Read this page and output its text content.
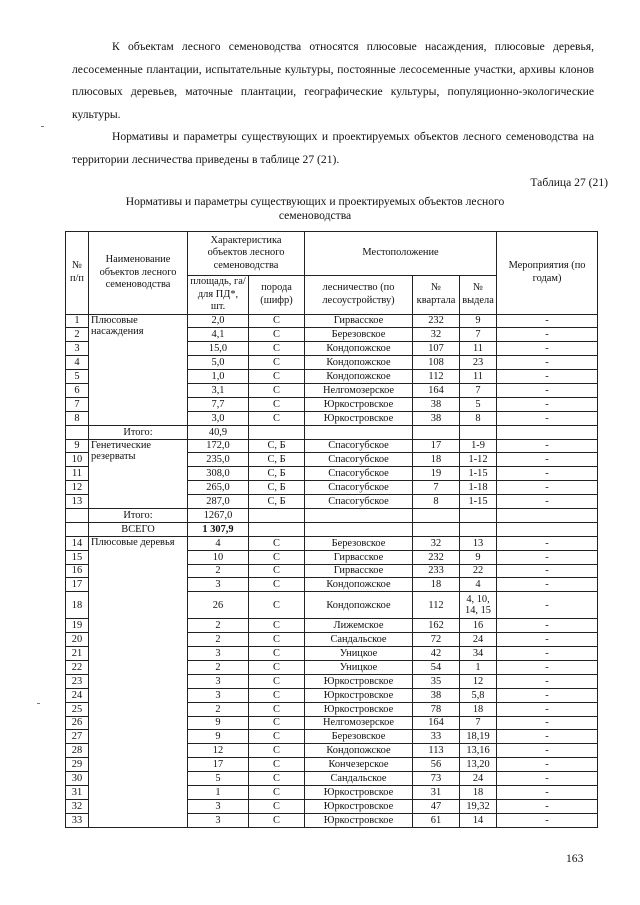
К объектам лесного семеноводства относятся плюсовые насаждения, плюсовые деревья, лесосеменные плантации, испытательные культуры, постоянные лесосеменные участки, архивы клонов плюсовых деревьев, маточные плантации, географические культуры, популяционно-экологические культуры.

Нормативы и параметры существующих и проектируемых объектов лесного семеноводства на территории лесничества приведены в таблице 27 (21).

Таблица 27 (21)
Нормативы и параметры существующих и проектируемых объектов лесного семеноводства
№ п/п	Наименование объектов лесного семеноводства	Характеристика объектов лесного семеноводства		Местоположение			Мероприятия (по годам)
		площадь, га/ для ПД*, шт.	порода (шифр)	лесничество (по лесоустройству)	№ квартала	№ выдела	
1	Плюсовые насаждения	2,0	С	Гирвасское	232	9	-
2		4,1	С	Березовское	32	7	-
3		15,0	С	Кондопожское	107	11	-
4		5,0	С	Кондопожское	108	23	-
5		1,0	С	Кондопожское	112	11	-
6		3,1	С	Нелгомозерское	164	7	-
7		7,7	С	Юркостровское	38	5	-
8		3,0	С	Юркостровское	38	8	-
	Итого:	40,9					
9	Генетические резерваты	172,0	С, Б	Спасогубское	17	1-9	-
10		235,0	С, Б	Спасогубское	18	1-12	-
11		308,0	С, Б	Спасогубское	19	1-15	-
12		265,0	С, Б	Спасогубское	7	1-18	-
13		287,0	С, Б	Спасогубское	8	1-15	-
	Итого:	1267,0					
	ВСЕГО	1 307,9					
14	Плюсовые деревья	4	С	Березовское	32	13	-
15		10	С	Гирвасское	232	9	-
16		2	С	Гирвасское	233	22	-
17		3	С	Кондопожское	18	4	-
18		26	С	Кондопожское	112	4, 10, 14, 15	-
19		2	С	Лижемское	162	16	-
20		2	С	Сандальское	72	24	-
21		3	С	Уницкое	42	34	-
22		2	С	Уницкое	54	1	-
23		3	С	Юркостровское	35	12	-
24		3	С	Юркостровское	38	5,8	-
25		2	С	Юркостровское	78	18	-
26		9	С	Нелгомозерское	164	7	-
27		9	С	Березовское	33	18,19	-
28		12	С	Кондопожское	113	13,16	-
29		17	С	Кончезерское	56	13,20	-
30		5	С	Сандальское	73	24	-
31		1	С	Юркостровское	31	18	-
32		3	С	Юркостровское	47	19,32	-
33		3	С	Юркостровское	61	14	-
163
